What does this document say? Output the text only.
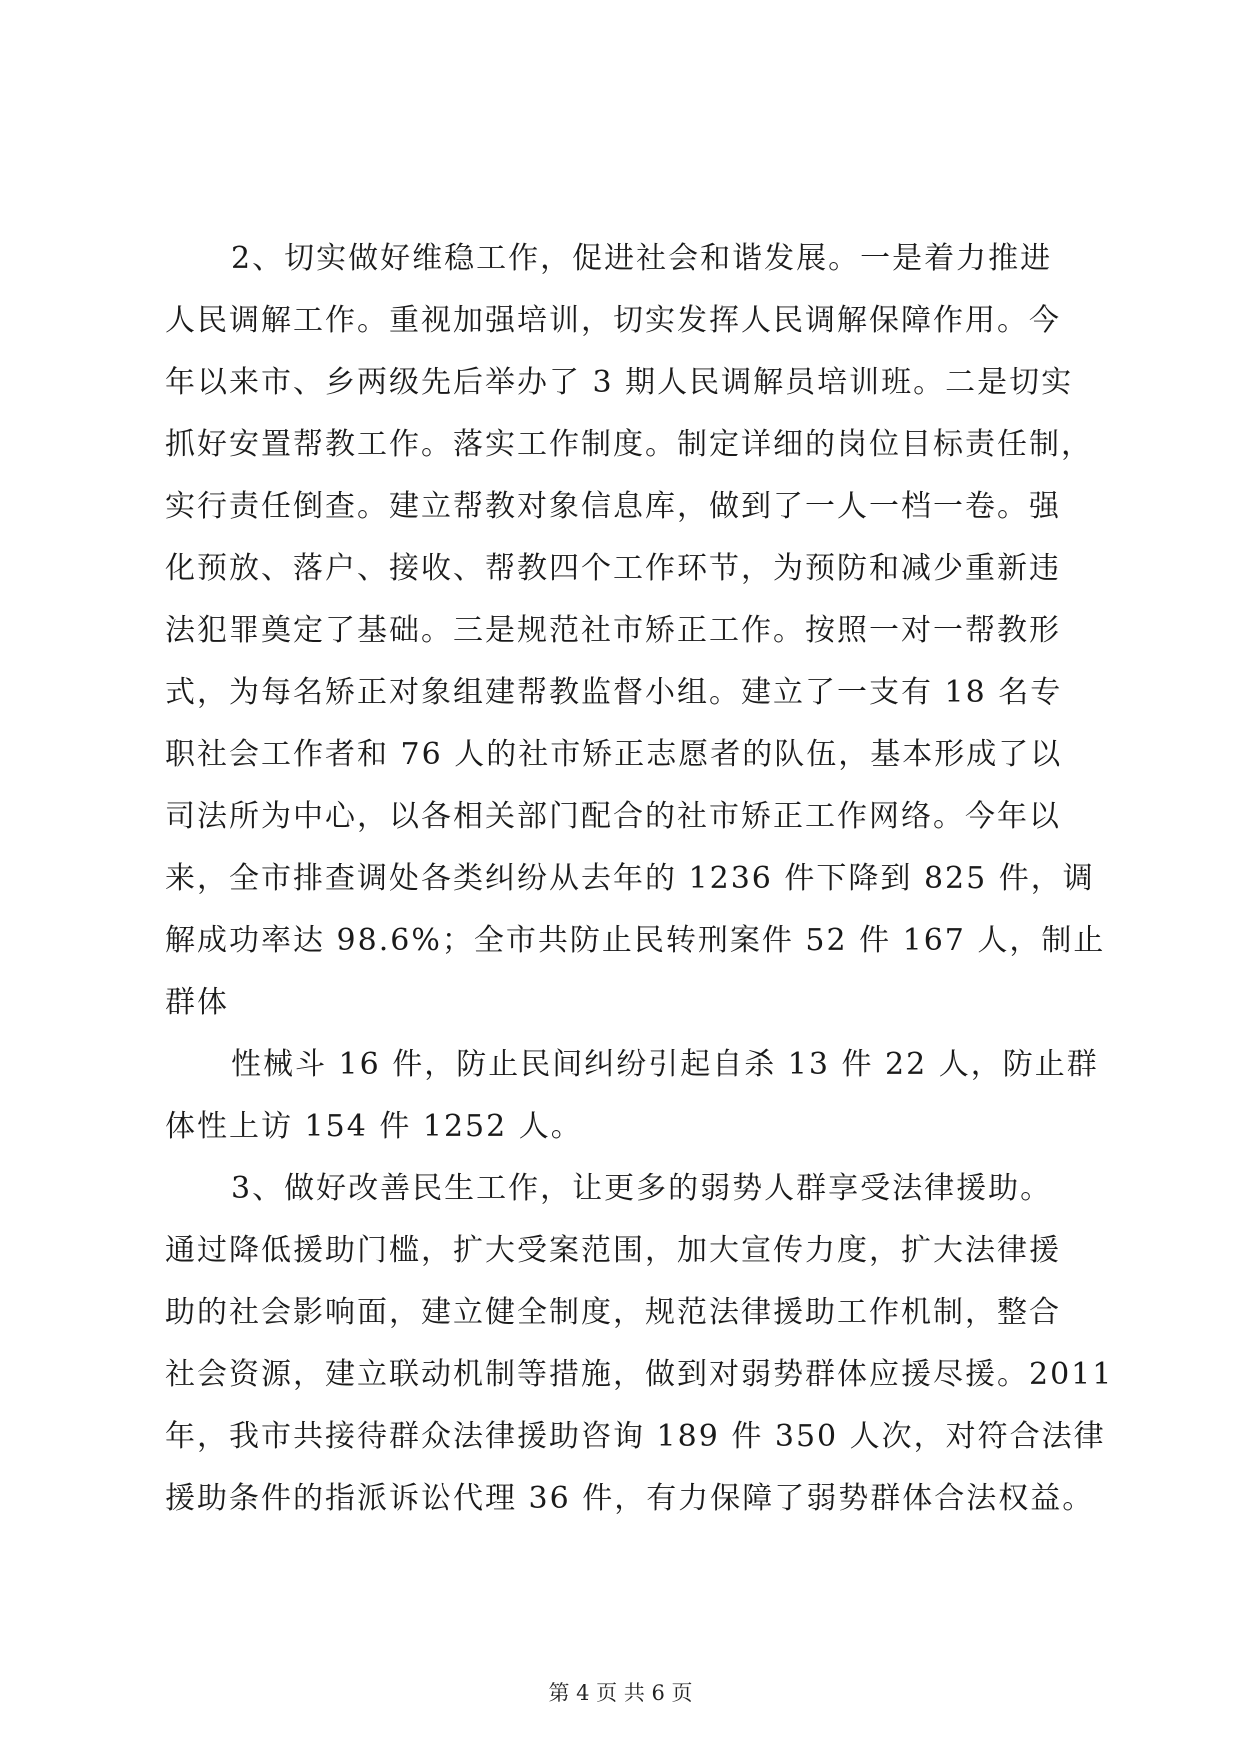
2、切实做好维稳工作，促进社会和谐发展。一是着力推进
人民调解工作。重视加强培训，切实发挥人民调解保障作用。今
年以来市、乡两级先后举办了 3 期人民调解员培训班。二是切实
抓好安置帮教工作。落实工作制度。制定详细的岗位目标责任制，
实行责任倒查。建立帮教对象信息库，做到了一人一档一卷。强
化预放、落户、接收、帮教四个工作环节，为预防和减少重新违
法犯罪奠定了基础。三是规范社市矫正工作。按照一对一帮教形
式，为每名矫正对象组建帮教监督小组。建立了一支有 18 名专
职社会工作者和 76 人的社市矫正志愿者的队伍，基本形成了以
司法所为中心，以各相关部门配合的社市矫正工作网络。今年以
来，全市排查调处各类纠纷从去年的 1236 件下降到 825 件，调
解成功率达 98.6%；全市共防止民转刑案件 52 件 167 人，制止
群体
性械斗 16 件，防止民间纠纷引起自杀 13 件 22 人，防止群
体性上访 154 件 1252 人。
3、做好改善民生工作，让更多的弱势人群享受法律援助。
通过降低援助门槛，扩大受案范围，加大宣传力度，扩大法律援
助的社会影响面，建立健全制度，规范法律援助工作机制，整合
社会资源，建立联动机制等措施，做到对弱势群体应援尽援。2011
年，我市共接待群众法律援助咨询 189 件 350 人次，对符合法律
援助条件的指派诉讼代理 36 件，有力保障了弱势群体合法权益。
第 4 页 共 6 页
